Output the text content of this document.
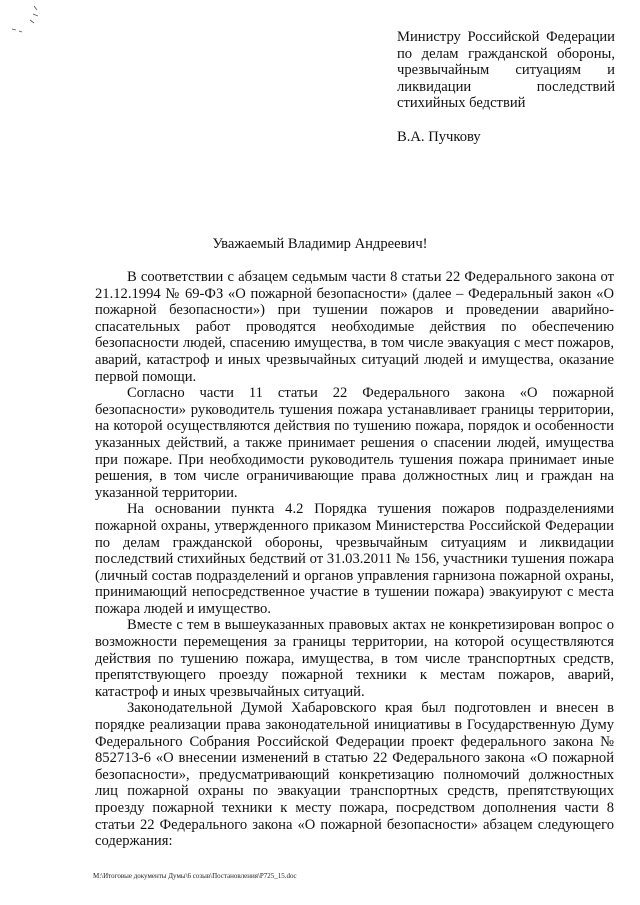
Министру Российской Федерации
по делам гражданской обороны,
чрезвычайным ситуациям и
ликвидации последствий
стихийных бедствий
В.А. Пучкову
Уважаемый Владимир Андреевич!

В соответствии с абзацем седьмым части 8 статьи 22 Федерального закона от 21.12.1994 № 69-ФЗ «О пожарной безопасности» (далее – Федеральный закон «О пожарной безопасности») при тушении пожаров и проведении аварийно-спасательных работ проводятся необходимые действия по обеспечению безопасности людей, спасению имущества, в том числе эвакуация с мест пожаров, аварий, катастроф и иных чрезвычайных ситуаций людей и имущества, оказание первой помощи.

Согласно части 11 статьи 22 Федерального закона «О пожарной безопасности» руководитель тушения пожара устанавливает границы территории, на которой осуществляются действия по тушению пожара, порядок и особенности указанных действий, а также принимает решения о спасении людей, имущества при пожаре. При необходимости руководитель тушения пожара принимает иные решения, в том числе ограничивающие права должностных лиц и граждан на указанной территории.

На основании пункта 4.2 Порядка тушения пожаров подразделениями пожарной охраны, утвержденного приказом Министерства Российской Федерации по делам гражданской обороны, чрезвычайным ситуациям и ликвидации последствий стихийных бедствий от 31.03.2011 № 156, участники тушения пожара (личный состав подразделений и органов управления гарнизона пожарной охраны, принимающий непосредственное участие в тушении пожара) эвакуируют с места пожара людей и имущество.

Вместе с тем в вышеуказанных правовых актах не конкретизирован вопрос о возможности перемещения за границы территории, на которой осуществляются действия по тушению пожара, имущества, в том числе транспортных средств, препятствующего проезду пожарной техники к местам пожаров, аварий, катастроф и иных чрезвычайных ситуаций.

Законодательной Думой Хабаровского края был подготовлен и внесен в порядке реализации права законодательной инициативы в Государственную Думу Федерального Собрания Российской Федерации проект федерального закона № 852713-6 «О внесении изменений в статью 22 Федерального закона «О пожарной безопасности», предусматривающий конкретизацию полномочий должностных лиц пожарной охраны по эвакуации транспортных средств, препятствующих проезду пожарной техники к месту пожара, посредством дополнения части 8 статьи 22 Федерального закона «О пожарной безопасности» абзацем следующего содержания:

M:\Итоговые документы Думы\6 созыв\Постановления\P725_15.doc
